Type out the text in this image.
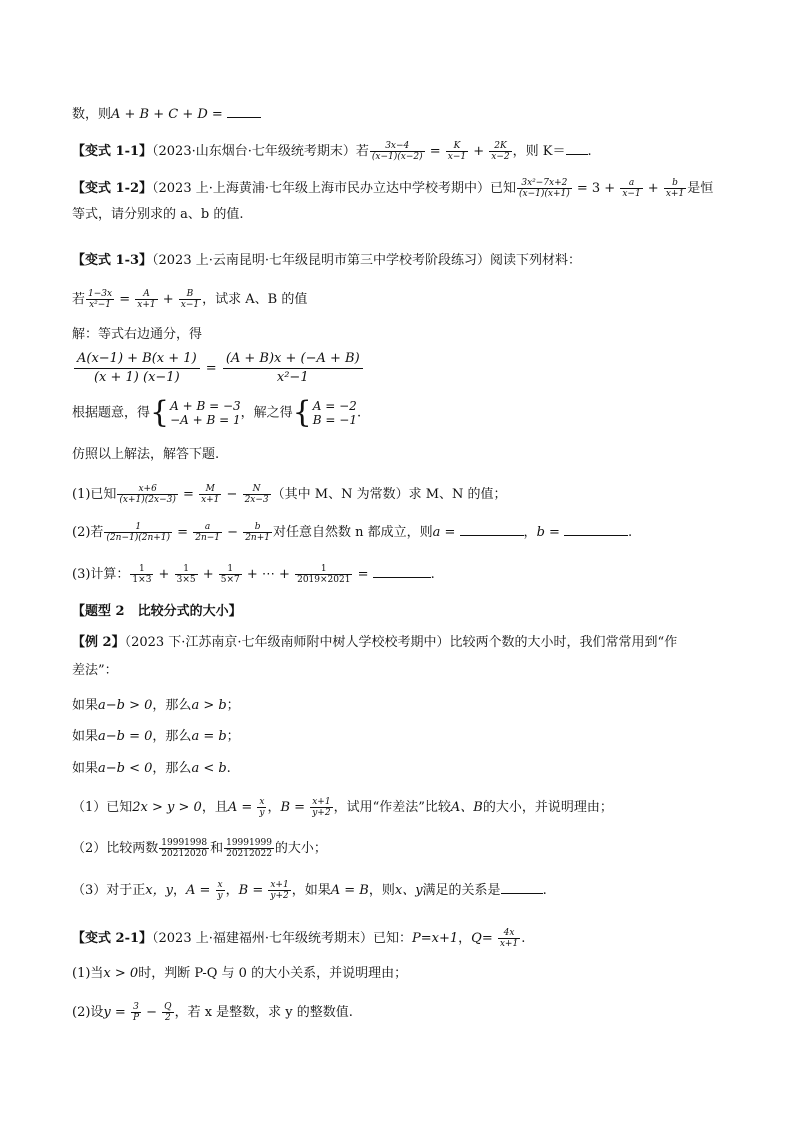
数，则A + B + C + D =
【变式 1-1】（2023·山东烟台·七年级统考期末）若 $\frac{3x-4}{(x-1)(x-2)} = \frac{K}{x-1} + \frac{2K}{x-2}$ ，则 K＝ .
【变式 1-2】（2023 上·上海黄浦·七年级上海市民办立达中学校考期中）已知 $\frac{\text{3x²−7x+2}}{(x-1)(x+1)} = 3 + \frac{a}{x-1} + \frac{b}{x+1}$ 是恒
等式，请分别求的 a、b 的值.
【变式 1-3】（2023 上·云南昆明·七年级昆明市第三中学校考阶段练习）阅读下列材料：
若 $\frac{1-3x}{\text{x²−1}} = \frac{A}{x+1} + \frac{B}{x-1}$ ，试求 A、B 的值
解：等式右边通分，得
$\frac{A(x-1) + B(x + 1)}{(x + 1) (x-1)} = \frac{(A + B)x + (-A + B)}{\text{x²−1}}$
根据题意，得{ A + B = −3
−A + B = 1 ，解之得{ A = −2
B = −1 .
仿照以上解法，解答下题.
(1)已知 $\frac{x+6}{(x+1)(2x-3)} = \frac{M}{x+1} - \frac{N}{2x-3}$ （其中 M、N 为常数）求 M、N 的值；
(2)若 $\frac{1}{(2n-1)(2n+1)} = \frac{a}{2n-1} - \frac{b}{2n+1}$ 对任意自然数 n 都成立，则a =	，b =	.
(3)计算： $\frac{1}{1\times 3} + \frac{1}{3\times 5} + \frac{1}{5\times 7}$ + ⋯ + $\frac{1}{2019\times 2021}$ =	.
【题型 2　比较分式的大小】
【例 2】（2023 下·江苏南京·七年级南师附中树人学校校考期中）比较两个数的大小时，我们常常用到“作
差法”：
如果a−b > 0，那么a > b；
如果a−b = 0，那么a = b；
如果a−b < 0，那么a < b.
（1）已知2x > y > 0，且$A = \frac{x}{y}$ ，$B = \frac{x+1}{y+2}$ ，试用“作差法”比较A、B的大小，并说明理由；
（2）比较两数 $\frac{19991998}{20212020}$ 和 $\frac{19991999}{20212022}$ 的大小；
（3）对于正x，y，$A = \frac{x}{y}$ ，$B = \frac{x+1}{y+2}$ ，如果A = B，则x、y满足的关系是	.
【变式 2-1】（2023 上·福建福州·七年级统考期末）已知：P=x+1，$Q= \frac{4x}{x+1}$ .
(1)当x > 0时，判断 P-Q 与 0 的大小关系，并说明理由；
(2)设$y = \frac{3}{P} - \frac{Q}{2}$ ，若 x 是整数，求 y 的整数值.
